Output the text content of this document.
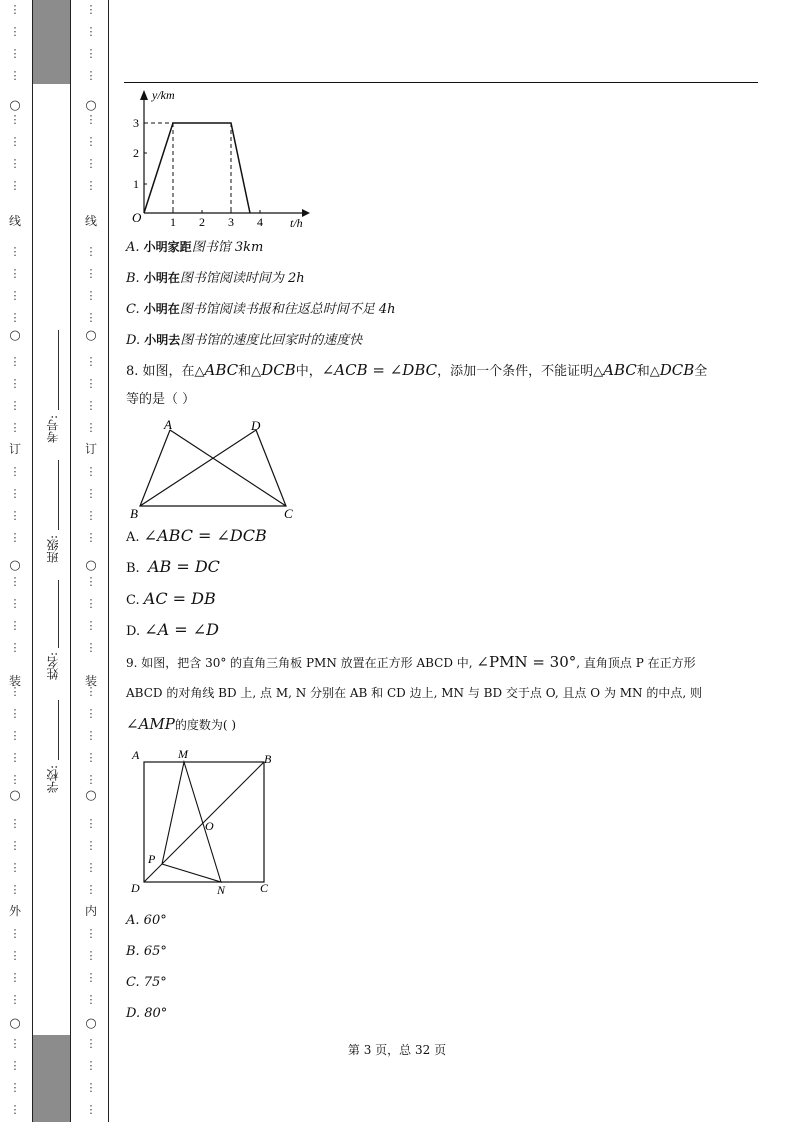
⋮
⋮
⋮
⋮
⋮
⋮
⋮
⋮
⋮
⋮
⋮
⋮
⋮
⋮
⋮
⋮
⋮
⋮
⋮
⋮
⋮
⋮
⋮
⋮
⋮
⋮
⋮
⋮
⋮
⋮
⋮
⋮
⋮
⋮
⋮
⋮
⋮
⋮
⋮
⋮
⋮
○
○
○
○
○
线
订
装
外
⋮
⋮
⋮
⋮
⋮
⋮
⋮
⋮
⋮
⋮
⋮
⋮
⋮
⋮
⋮
⋮
⋮
⋮
⋮
⋮
⋮
⋮
⋮
⋮
⋮
⋮
⋮
⋮
⋮
⋮
⋮
⋮
⋮
⋮
⋮
⋮
⋮
⋮
⋮
⋮
⋮
○
○
○
○
○
线
订
装
内
考号:
班级:
姓名:
学校:
y/km
t/h
O
1
2
3
1 2 3 4
A. 小明家距图书馆 3km
B. 小明在图书馆阅读时间为 2h
C. 小明在图书馆阅读书报和往返总时间不足 4h
D. 小明去图书馆的速度比回家时的速度快
8. 如图，在△ABC和△DCB中，∠ACB = ∠DBC，添加一个条件，不能证明△ABC和△DCB全
等的是（ ）
A	D
B	C
A. ∠ABC = ∠DCB
B. AB = DC
C. AC = DB
D. ∠A = ∠D
9. 如图，把含 30° 的直角三角板 PMN 放置在正方形 ABCD 中, ∠PMN = 30°, 直角顶点 P 在正方形
ABCD 的对角线 BD 上, 点 M, N 分别在 AB 和 CD 边上, MN 与 BD 交于点 O, 且点 O 为 MN 的中点, 则
∠AMP的度数为( )
A	M	B
O
P
D	N	C
A. 60°
B. 65°
C. 75°
D. 80°
第 3 页，总 32 页
